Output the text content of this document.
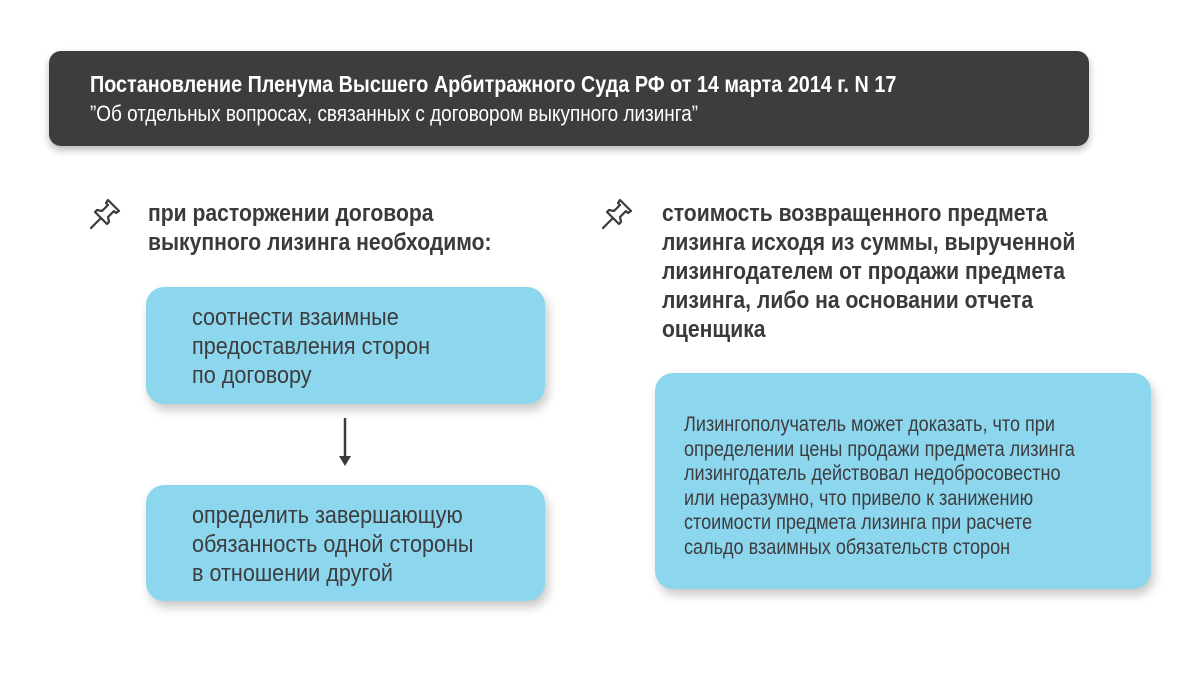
Постановление Пленума Высшего Арбитражного Суда РФ от 14 марта 2014 г. N 17
”Об отдельных вопросах, связанных с договором выкупного лизинга”
при расторжении договора
выкупного лизинга необходимо:
соотнести взаимные
предоставления сторон
по договору
определить завершающую
обязанность одной стороны
в отношении другой
стоимость возвращенного предмета
лизинга исходя из суммы, вырученной
лизингодателем от продажи предмета
лизинга, либо на основании отчета
оценщика
Лизингополучатель может доказать, что при
определении цены продажи предмета лизинга
лизингодатель действовал недобросовестно
или неразумно, что привело к занижению
стоимости предмета лизинга при расчете
сальдо взаимных обязательств сторон
